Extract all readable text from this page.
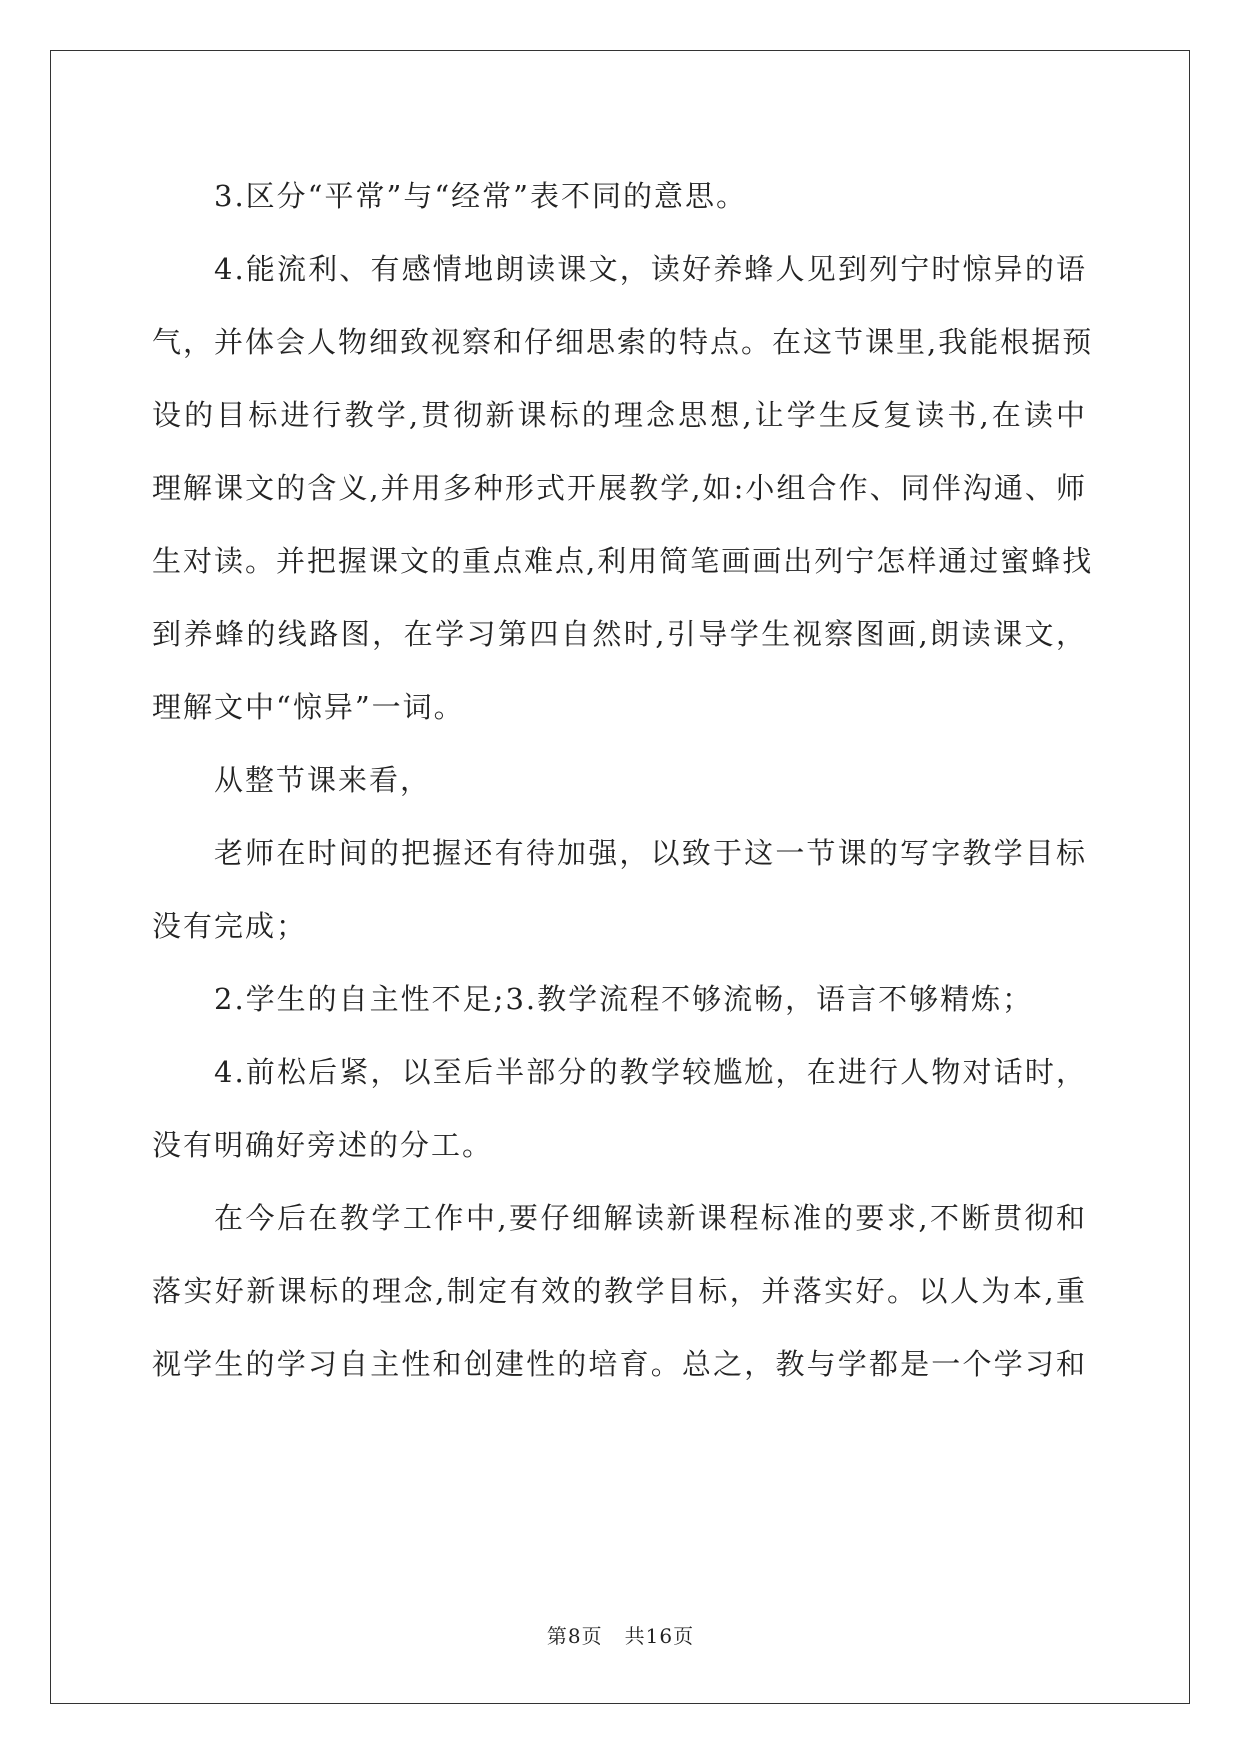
3.区分“平常”与“经常”表不同的意思。

4.能流利、有感情地朗读课文，读好养蜂人见到列宁时惊异的语
气，并体会人物细致视察和仔细思索的特点。在这节课里,我能根据预
设的目标进行教学,贯彻新课标的理念思想,让学生反复读书,在读中
理解课文的含义,并用多种形式开展教学,如:小组合作、同伴沟通、师
生对读。并把握课文的重点难点,利用简笔画画出列宁怎样通过蜜蜂找
到养蜂的线路图，在学习第四自然时,引导学生视察图画,朗读课文，
理解文中“惊异”一词。

从整节课来看，

老师在时间的把握还有待加强，以致于这一节课的写字教学目标
没有完成；

2.学生的自主性不足;3.教学流程不够流畅，语言不够精炼；

4.前松后紧，以至后半部分的教学较尴尬，在进行人物对话时，
没有明确好旁述的分工。

在今后在教学工作中,要仔细解读新课程标准的要求,不断贯彻和
落实好新课标的理念,制定有效的教学目标，并落实好。以人为本,重
视学生的学习自主性和创建性的培育。总之，教与学都是一个学习和

第8页 共16页
